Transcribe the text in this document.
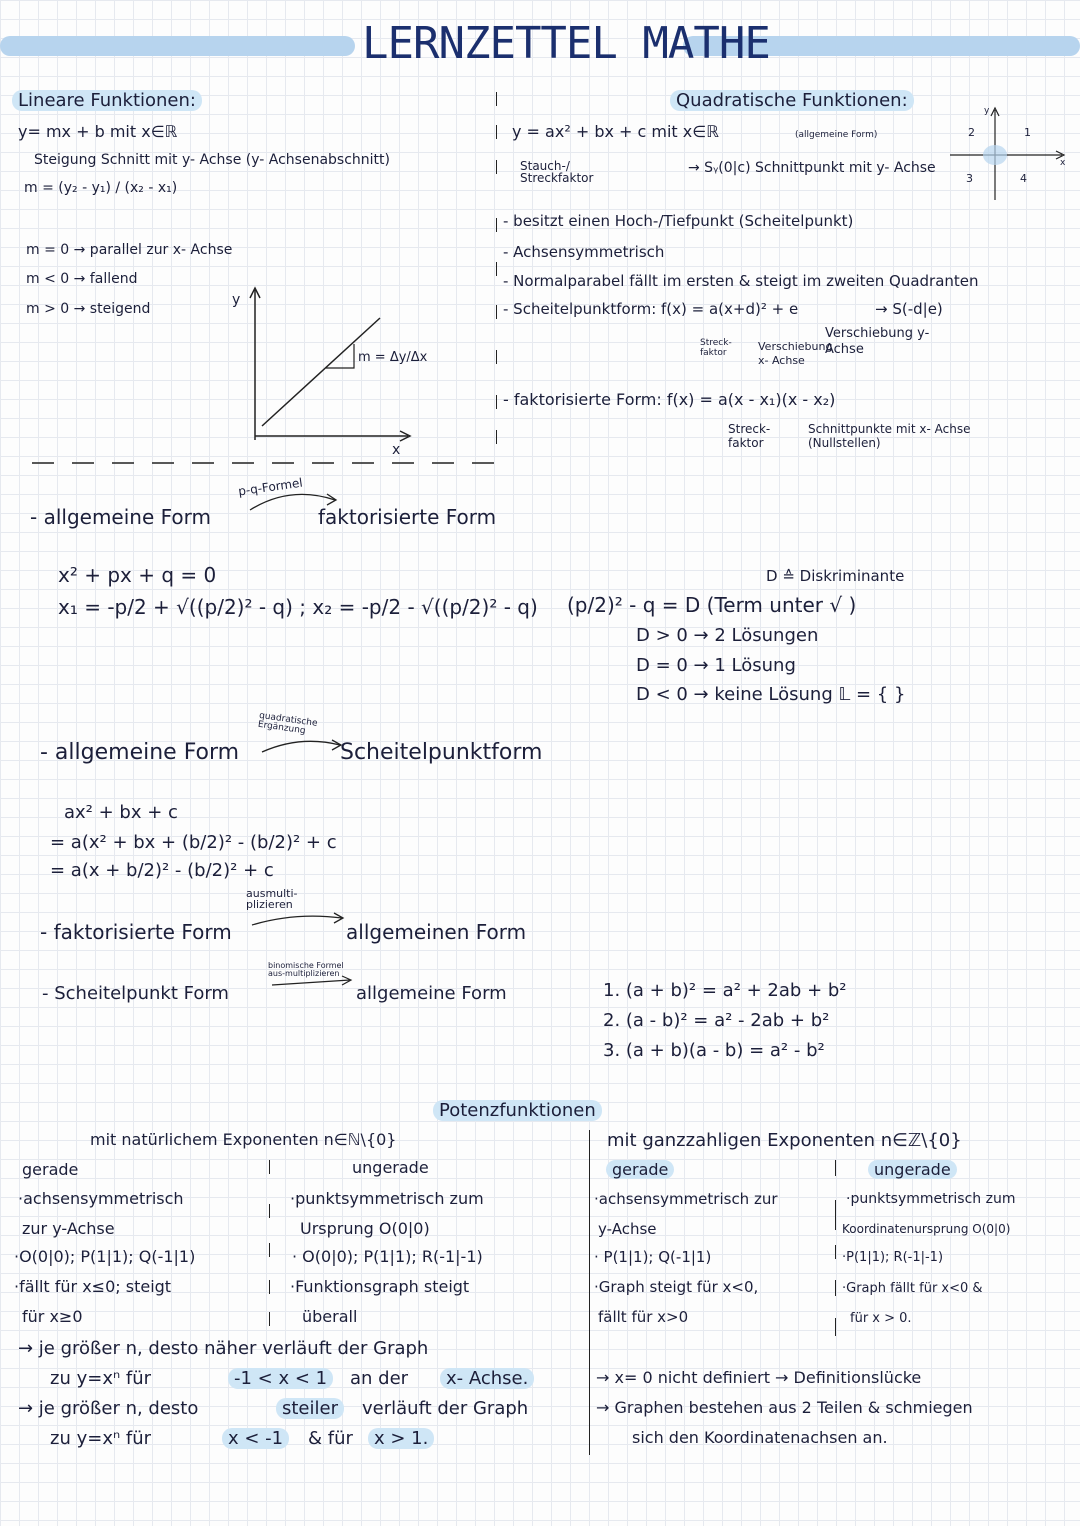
LERNZETTEL MATHE
Lineare Funktionen:
y= mx + b mit x∈ℝ
Steigung Schnitt mit y- Achse (y- Achsenabschnitt)
m = (y₂ - y₁) / (x₂ - x₁)
m = 0 → parallel zur x- Achse
m < 0 → fallend
m > 0 → steigend
y
x
m = Δy/Δx
Quadratische Funktionen:
y = ax² + bx + c mit x∈ℝ	(allgemeine Form)
Stauch-/ Streckfaktor
→ Sᵧ(0|c) Schnittpunkt mit y- Achse
2	1
3	4
y
x
- besitzt einen Hoch-/Tiefpunkt (Scheitelpunkt)
- Achsensymmetrisch
- Normalparabel fällt im ersten & steigt im zweiten Quadranten
- Scheitelpunktform: f(x) = a(x+d)² + e	→ S(-d|e)
Streck-faktor	Verschiebung x- Achse
Verschiebung y- Achse
- faktorisierte Form: f(x) = a(x - x₁)(x - x₂)
Streck-faktor
Schnittpunkte mit x- Achse (Nullstellen)
- allgemeine Form
p-q-Formel
faktorisierte Form
x² + px + q = 0
x₁ = -p/2 + √((p/2)² - q) ; x₂ = -p/2 - √((p/2)² - q)
D ≙ Diskriminante
(p/2)² - q = D (Term unter √ )
D > 0 → 2 Lösungen
D = 0 → 1 Lösung
D < 0 → keine Lösung 𝕃 = { }
- allgemeine Form
quadratische Ergänzung
Scheitelpunktform
ax² + bx + c
= a(x² + bx + (b/2)² - (b/2)² + c
= a(x + b/2)² - (b/2)² + c
- faktorisierte Form
ausmulti-plizieren
allgemeinen Form
- Scheitelpunkt Form
binomische Formel aus-multiplizieren
allgemeine Form	1. (a + b)² = a² + 2ab + b²
2. (a - b)² = a² - 2ab + b²
3. (a + b)(a - b) = a² - b²
Potenzfunktionen
mit natürlichem Exponenten n∈ℕ\{0}	mit ganzzahligen Exponenten n∈ℤ\{0}
gerade
·achsensymmetrisch
zur y-Achse
·O(0|0); P(1|1); Q(-1|1)
·fällt für x≤0; steigt
für x≥0
ungerade
·punktsymmetrisch zum
Ursprung O(0|0)
· O(0|0); P(1|1); R(-1|-1)
·Funktionsgraph steigt
überall
gerade
·achsensymmetrisch zur
y-Achse
· P(1|1); Q(-1|1)
·Graph steigt für x<0,
fällt für x>0
ungerade
·punktsymmetrisch zum
Koordinatenursprung O(0|0)
·P(1|1); R(-1|-1)
·Graph fällt für x<0 &
für x > 0.
→ je größer n, desto näher verläuft der Graph
zu y=xⁿ für	-1 < x < 1	an der	x- Achse.
→ je größer n, desto	steiler	verläuft der Graph
zu y=xⁿ für	x < -1	& für	x > 1.
→ x= 0 nicht definiert → Definitionslücke
→ Graphen bestehen aus 2 Teilen & schmiegen
sich den Koordinatenachsen an.
